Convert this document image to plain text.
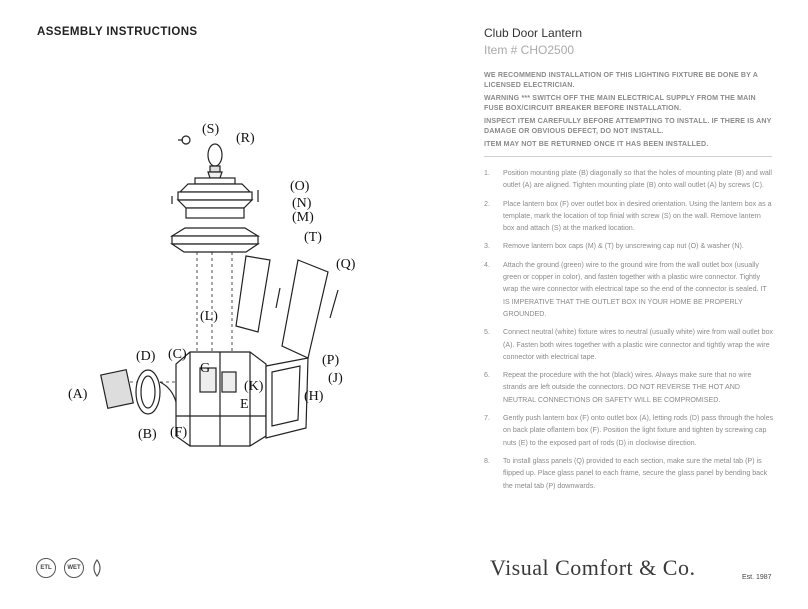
ASSEMBLY INSTRUCTIONS
(S)
(R)
(O)
(N)
(M)
(T)
(Q)
(L)
(D) (C)
G
(P)
(K)
(J)
E
(H)
(A)
(B) (F)
ETL	WET

Club Door Lantern

Item # CHO2500

WE RECOMMEND INSTALLATION OF THIS LIGHTING FIXTURE BE DONE BY A LICENSED ELECTRICIAN.

WARNING *** SWITCH OFF THE MAIN ELECTRICAL SUPPLY FROM THE MAIN FUSE BOX/CIRCUIT BREAKER BEFORE INSTALLATION.

INSPECT ITEM CAREFULLY BEFORE ATTEMPTING TO INSTALL. IF THERE IS ANY DAMAGE OR OBVIOUS DEFECT, DO NOT INSTALL.

ITEM MAY NOT BE RETURNED ONCE IT HAS BEEN INSTALLED.

1.	Position mounting plate (B) diagonally so that the holes of mounting plate (B) and wall outlet (A) are aligned. Tighten mounting plate (B) onto wall outlet (A) by screws (C).
2.	Place lantern box (F) over outlet box in desired orientation. Using the lantern box as a template, mark the location of top finial with screw (S) on the wall. Remove lantern box and attach (S) at the marked location.
3.	Remove lantern box caps (M) & (T) by unscrewing cap nut (O) & washer (N).
4.	Attach the ground (green) wire to the ground wire from the wall outlet box (usually green or copper in color), and fasten together with a plastic wire connector. Tightly wrap the wire connector with electrical tape so the end of the connector is sealed. IT IS IMPERATIVE THAT THE OUTLET BOX IN YOUR HOME BE PROPERLY GROUNDED.
5.	Connect neutral (white) fixture wires to neutral (usually white) wire from wall outlet box (A). Fasten both wires together with a plastic wire connector and tightly wrap the wire connector with electrical tape.
6.	Repeat the procedure with the hot (black) wires. Always make sure that no wire strands are left outside the connectors. DO NOT REVERSE THE HOT AND NEUTRAL CONNECTIONS OR SAFETY WILL BE COMPROMISED.
7.	Gently push lantern box (F) onto outlet box (A), letting rods (D) pass through the holes on back plate oflantern box (F). Position the light fixture and tighten by screwing cap nuts (E) to the exposed part of rods (D) in clockwise direction.
8.	To install glass panels (Q) provided to each section, make sure the metal tab (P) is flipped up. Place glass panel to each frame, secure the glass panel by bending back the metal tab (P) downwards.
Visual Comfort & Co.	Est. 1987
